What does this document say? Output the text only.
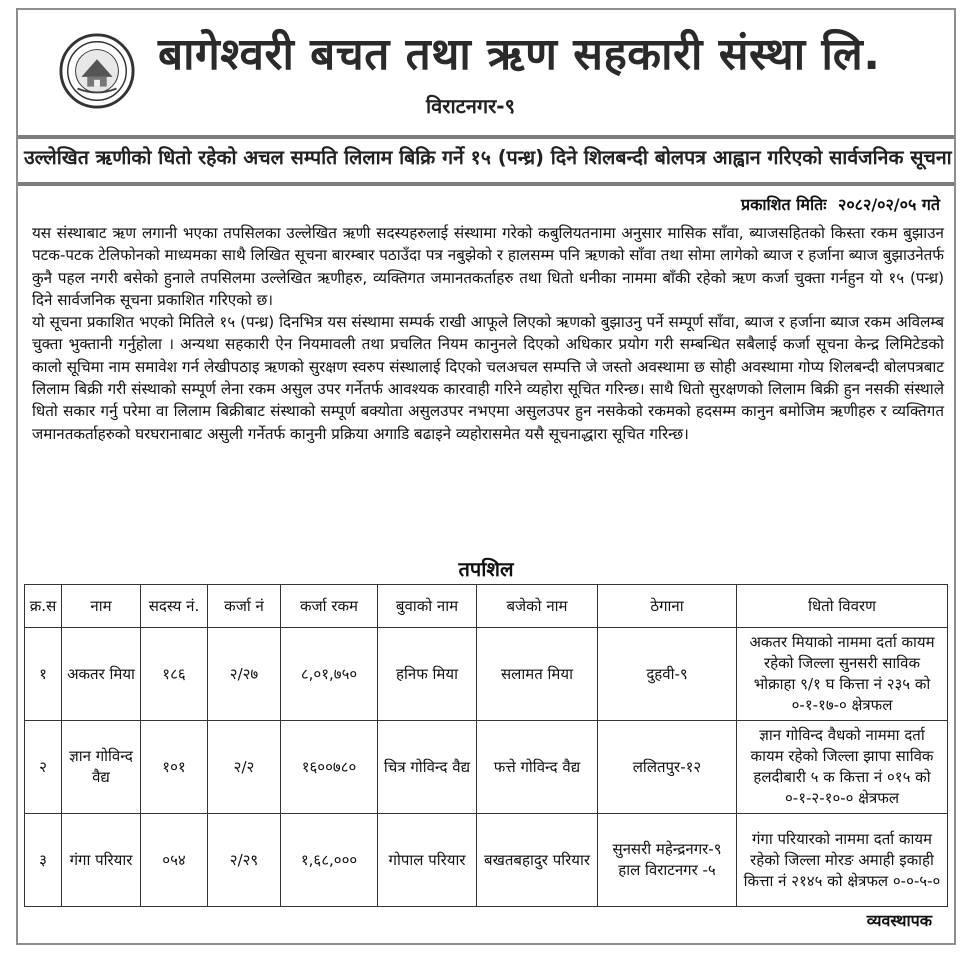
बागेश्वरी बचत तथा ऋण सहकारी संस्था लि.
विराटनगर-९
उल्लेखित ऋणीको धितो रहेको अचल सम्पति लिलाम बिक्रि गर्ने १५ (पन्ध्र) दिने शिलबन्दी बोलपत्र आह्वान गरिएको सार्वजनिक सूचना
प्रकाशित मितिः २०८२/०२/०५ गते

यस संस्थाबाट ऋण लगानी भएका तपसिलका उल्लेखित ऋणी सदस्यहरुलाई संस्थामा गरेको कबुलियतनामा अनुसार मासिक साँवा, ब्याजसहितको किस्ता रकम बुझाउन पटक-पटक टेलिफोनको माध्यमका साथै लिखित सूचना बारम्बार पठाउँदा पत्र नबुझेको र हालसम्म पनि ऋणको साँवा तथा सोमा लागेको ब्याज र हर्जाना ब्याज बुझाउनेतर्फ कुनै पहल नगरी बसेको हुनाले तपसिलमा उल्लेखित ऋणीहरु, व्यक्तिगत जमानतकर्ताहरु तथा धितो धनीका नाममा बाँकी रहेको ऋण कर्जा चुक्ता गर्नहुन यो १५ (पन्ध्र) दिने सार्वजनिक सूचना प्रकाशित गरिएको छ।

यो सूचना प्रकाशित भएको मितिले १५ (पन्ध्र) दिनभित्र यस संस्थामा सम्पर्क राखी आफूले लिएको ऋणको बुझाउनु पर्ने सम्पूर्ण साँवा, ब्याज र हर्जाना ब्याज रकम अविलम्ब चुक्ता भुक्तानी गर्नुहोला । अन्यथा सहकारी ऐन नियमावली तथा प्रचलित नियम कानुनले दिएको अधिकार प्रयोग गरी सम्बन्धित सबैलाई कर्जा सूचना केन्द्र लिमिटेडको कालो सूचिमा नाम समावेश गर्न लेखीपठाइ ऋणको सुरक्षण स्वरुप संस्थालाई दिएको चलअचल सम्पत्ति जे जस्तो अवस्थामा छ सोही अवस्थामा गोप्य शिलबन्दी बोलपत्रबाट लिलाम बिक्री गरी संस्थाको सम्पूर्ण लेना रकम असुल उपर गर्नेतर्फ आवश्यक कारवाही गरिने व्यहोरा सूचित गरिन्छ। साथै धितो सुरक्षणको लिलाम बिक्री हुन नसकी संस्थाले धितो सकार गर्नु परेमा वा लिलाम बिक्रीबाट संस्थाको सम्पूर्ण बक्योता असुलउपर नभएमा असुलउपर हुन नसकेको रकमको हदसम्म कानुन बमोजिम ऋणीहरु र व्यक्तिगत जमानतकर्ताहरुको घरघरानाबाट असुली गर्नेतर्फ कानुनी प्रक्रिया अगाडि बढाइने व्यहोरासमेत यसै सूचनाद्धारा सूचित गरिन्छ।

तपशिल
क्र.स	नाम	सदस्य नं.	कर्जा नं	कर्जा रकम	बुवाको नाम	बजेको नाम	ठेगाना	धितो विवरण
१	अकतर मिया	१८६	२/२७	८,०१,७५०	हनिफ मिया	सलामत मिया	दुहवी-९	अकतर मियाको नाममा दर्ता कायम रहेको जिल्ला सुनसरी साविक भोक्राहा ९/१ घ कित्ता नं २३५ को ०-१-१७-० क्षेत्रफल
२	ज्ञान गोविन्द वैद्य	१०१	२/२	१६००७८०	चित्र गोविन्द वैद्य	फत्ते गोविन्द वैद्य	ललितपुर-१२	ज्ञान गोविन्द वैधको नाममा दर्ता कायम रहेको जिल्ला झापा साविक हलदीबारी ५ क कित्ता नं ०१५ को ०-१-२-१०-० क्षेत्रफल
३	गंगा परियार	०५४	२/२९	१,६८,०००	गोपाल परियार	बखतबहादुर परियार	सुनसरी महेन्द्रनगर-९ हाल विराटनगर -५	गंगा परियारको नाममा दर्ता कायम रहेको जिल्ला मोरङ अमाही इकाही कित्ता नं २१४५ को क्षेत्रफल ०-०-५-०
व्यवस्थापक
